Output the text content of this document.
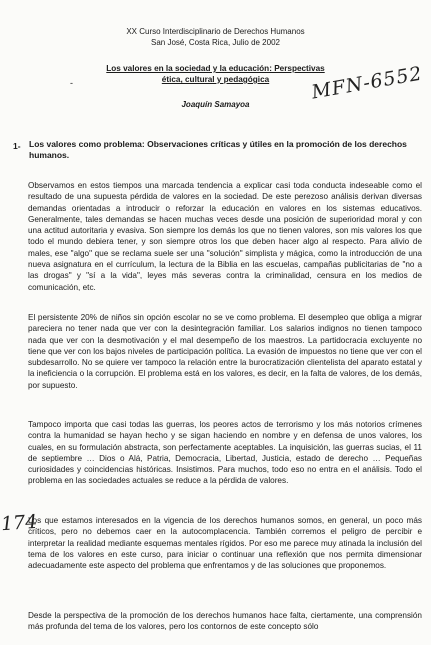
XX Curso Interdisciplinario de Derechos Humanos
San José, Costa Rica, Julio de 2002
-
Los valores en la sociedad y la educación: Perspectivas
ética, cultural y pedagógica	MFN-6552
Joaquín Samayoa
1- Los valores como problema: Observaciones críticas y útiles en la promoción de los derechos humanos.
Observamos en estos tiempos una marcada tendencia a explicar casi toda conducta indeseable como el resultado de una supuesta pérdida de valores en la sociedad. De este perezoso análisis derivan diversas demandas orientadas a introducir o reforzar la educación en valores en los sistemas educativos. Generalmente, tales demandas se hacen muchas veces desde una posición de superioridad moral y con una actitud autoritaria y evasiva. Son siempre los demás los que no tienen valores, son mis valores los que todo el mundo debiera tener, y son siempre otros los que deben hacer algo al respecto. Para alivio de males, ese "algo" que se reclama suele ser una "solución" simplista y mágica, como la introducción de una nueva asignatura en el currículum, la lectura de la Biblia en las escuelas, campañas publicitarias de "no a las drogas" y "sí a la vida", leyes más severas contra la criminalidad, censura en los medios de comunicación, etc.
El persistente 20% de niños sin opción escolar no se ve como problema. El desempleo que obliga a migrar pareciera no tener nada que ver con la desintegración familiar. Los salarios indignos no tienen tampoco nada que ver con la desmotivación y el mal desempeño de los maestros. La partidocracia excluyente no tiene que ver con los bajos niveles de participación política. La evasión de impuestos no tiene que ver con el subdesarrollo. No se quiere ver tampoco la relación entre la burocratización clientelista del aparato estatal y la ineficiencia o la corrupción. El problema está en los valores, es decir, en la falta de valores, de los demás, por supuesto.
Tampoco importa que casi todas las guerras, los peores actos de terrorismo y los más notorios crímenes contra la humanidad se hayan hecho y se sigan haciendo en nombre y en defensa de unos valores, los cuales, en su formulación abstracta, son perfectamente aceptables. La inquisición, las guerras sucias, el 11 de septiembre … Dios o Alá, Patria, Democracia, Libertad, Justicia, estado de derecho … Pequeñas curiosidades y coincidencias históricas. Insistimos. Para muchos, todo eso no entra en el análisis. Todo el problema en las sociedades actuales se reduce a la pérdida de valores.
174
Los que estamos interesados en la vigencia de los derechos humanos somos, en general, un poco más críticos, pero no debemos caer en la autocomplacencia. También corremos el peligro de percibir e interpretar la realidad mediante esquemas mentales rígidos. Por eso me parece muy atinada la inclusión del tema de los valores en este curso, para iniciar o continuar una reflexión que nos permita dimensionar adecuadamente este aspecto del problema que enfrentamos y de las soluciones que proponemos.
Desde la perspectiva de la promoción de los derechos humanos hace falta, ciertamente, una comprensión más profunda del tema de los valores, pero los contornos de este concepto sólo
